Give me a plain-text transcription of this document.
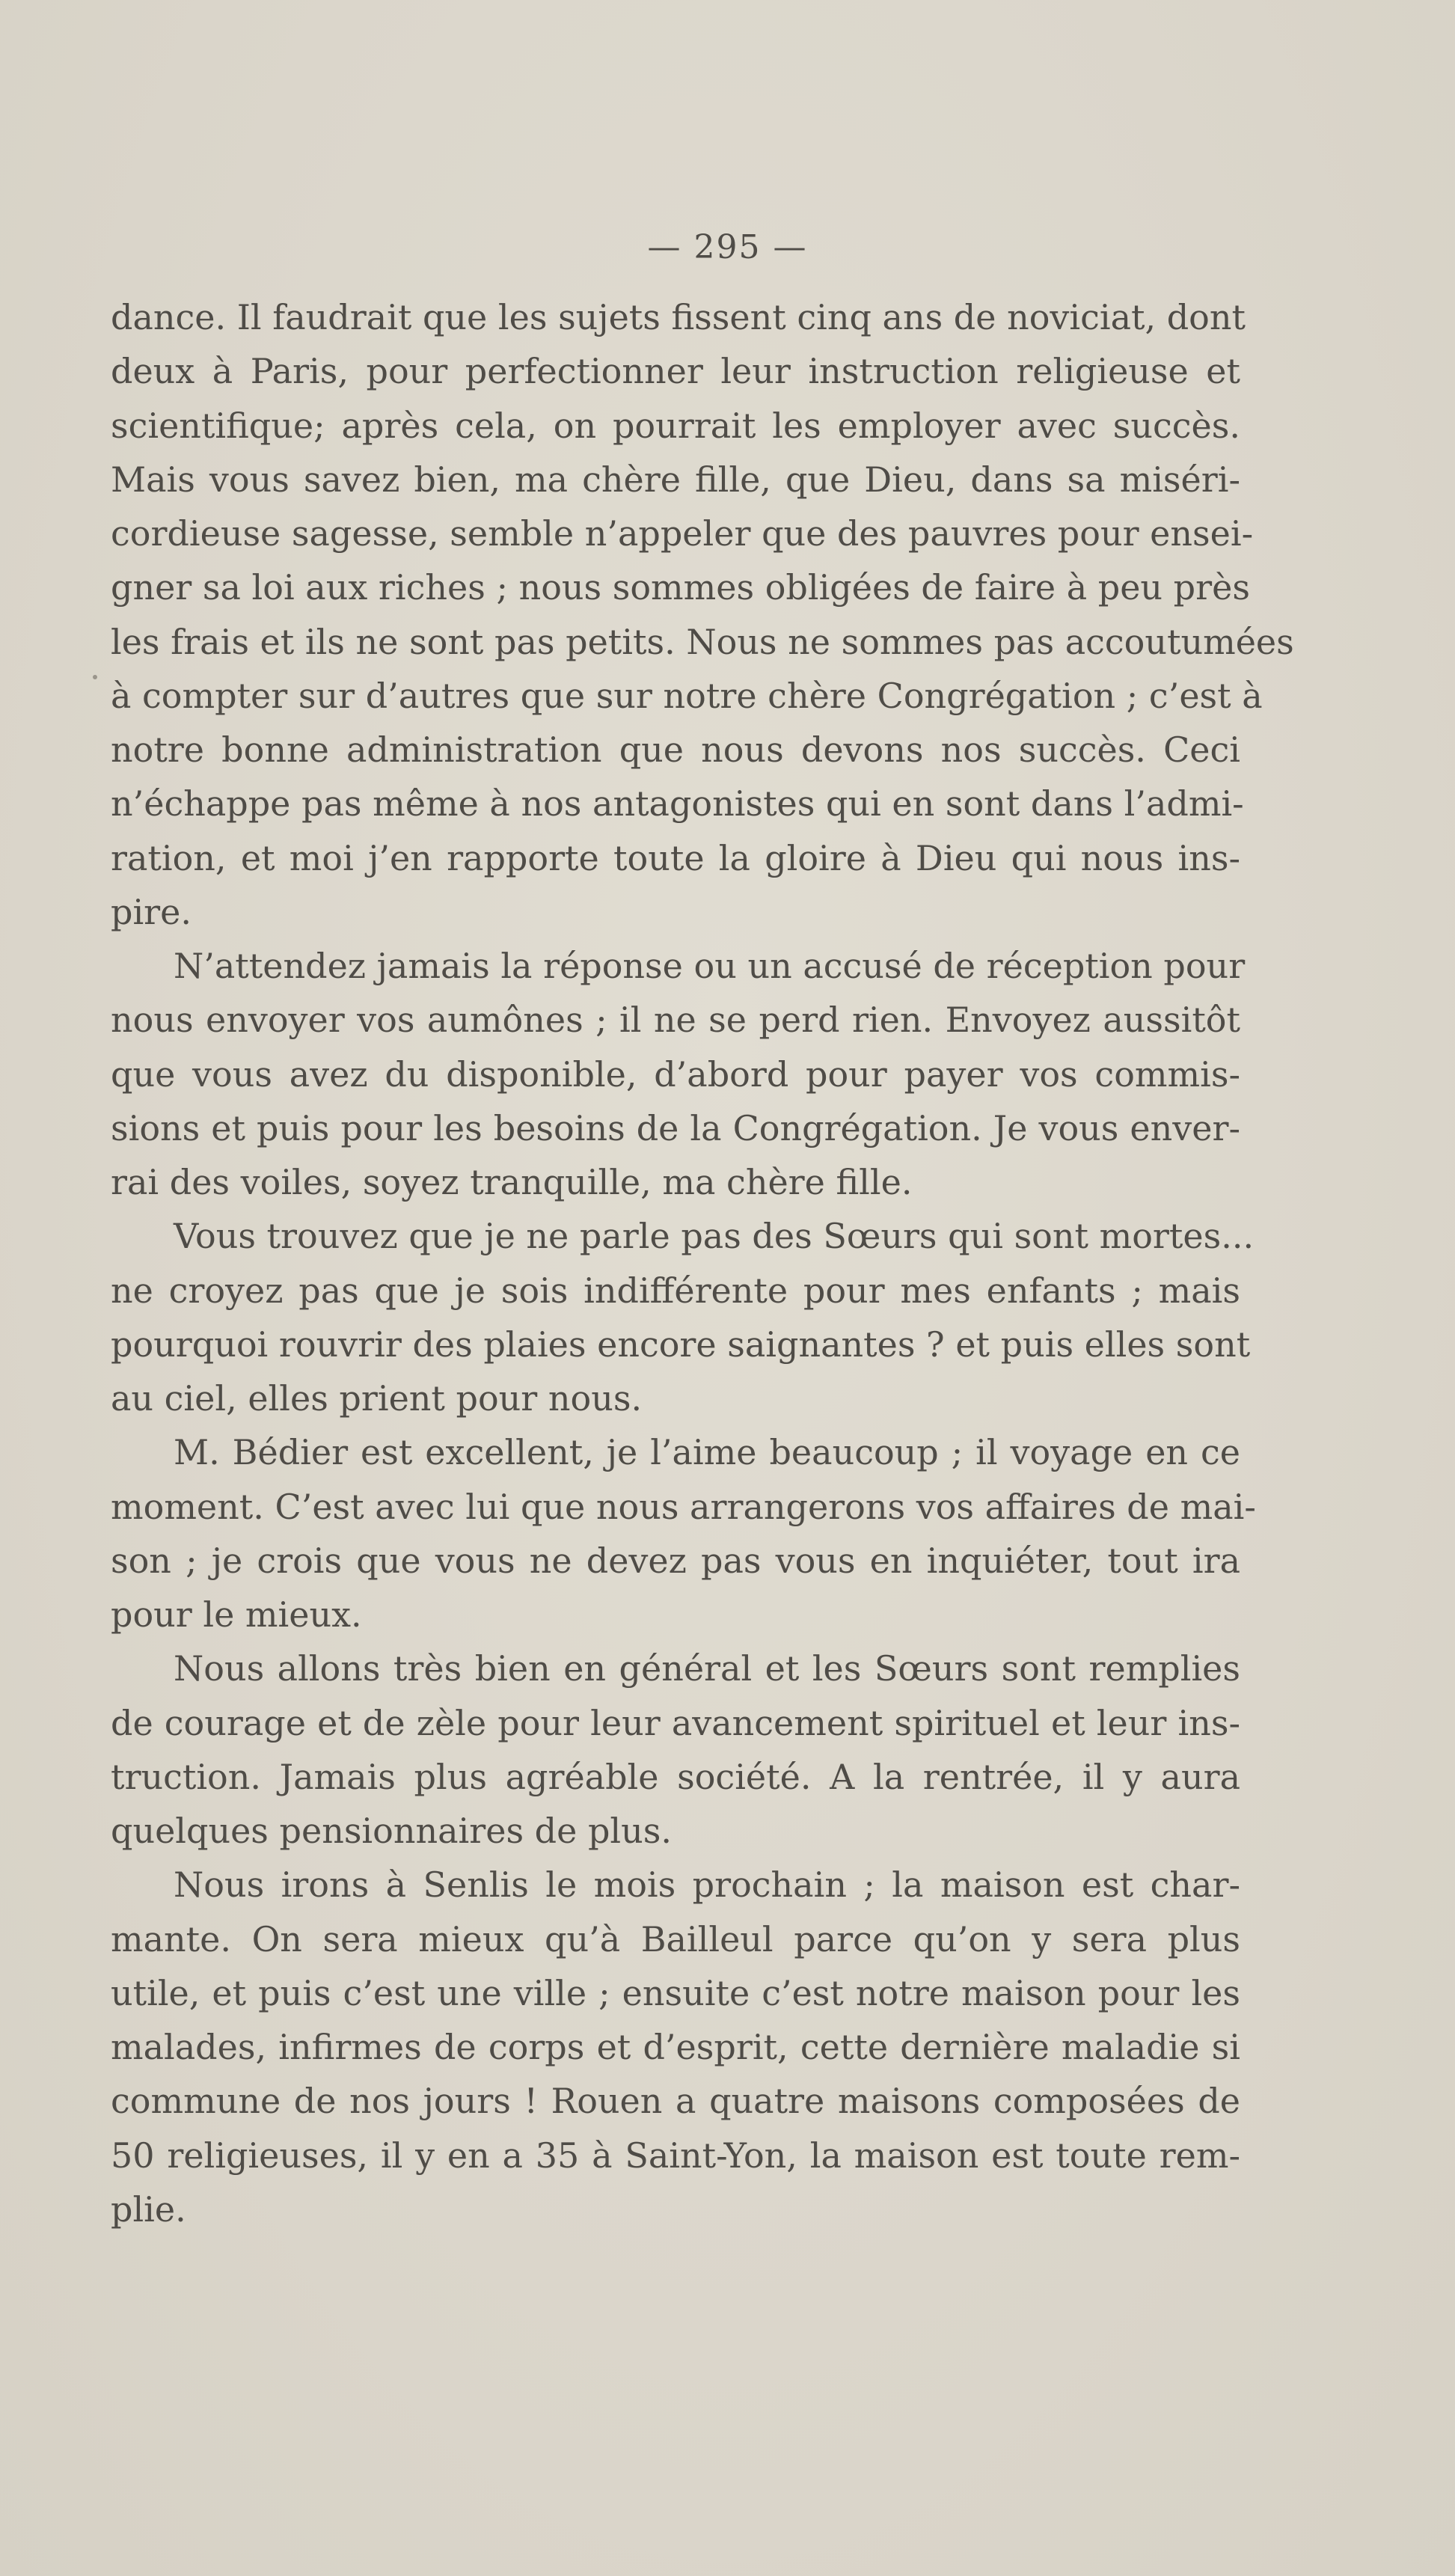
— 295 —
dance. Il faudrait que les sujets fissent cinq ans de noviciat, dont
deux à Paris, pour perfectionner leur instruction religieuse et
scientifique; après cela, on pourrait les employer avec succès.
Mais vous savez bien, ma chère fille, que Dieu, dans sa miséri-
cordieuse sagesse, semble n’appeler que des pauvres pour ensei-
gner sa loi aux riches ; nous sommes obligées de faire à peu près
les frais et ils ne sont pas petits. Nous ne sommes pas accoutumées
à compter sur d’autres que sur notre chère Congrégation ; c’est à
notre bonne administration que nous devons nos succès. Ceci
n’échappe pas même à nos antagonistes qui en sont dans l’admi-
ration, et moi j’en rapporte toute la gloire à Dieu qui nous ins-
pire.
N’attendez jamais la réponse ou un accusé de réception pour
nous envoyer vos aumônes ; il ne se perd rien. Envoyez aussitôt
que vous avez du disponible, d’abord pour payer vos commis-
sions et puis pour les besoins de la Congrégation. Je vous enver-
rai des voiles, soyez tranquille, ma chère fille.
Vous trouvez que je ne parle pas des Sœurs qui sont mortes...
ne croyez pas que je sois indifférente pour mes enfants ; mais
pourquoi rouvrir des plaies encore saignantes ? et puis elles sont
au ciel, elles prient pour nous.
M. Bédier est excellent, je l’aime beaucoup ; il voyage en ce
moment. C’est avec lui que nous arrangerons vos affaires de mai-
son ; je crois que vous ne devez pas vous en inquiéter, tout ira
pour le mieux.
Nous allons très bien en général et les Sœurs sont remplies
de courage et de zèle pour leur avancement spirituel et leur ins-
truction. Jamais plus agréable société. A la rentrée, il y aura
quelques pensionnaires de plus.
Nous irons à Senlis le mois prochain ; la maison est char-
mante. On sera mieux qu’à Bailleul parce qu’on y sera plus
utile, et puis c’est une ville ; ensuite c’est notre maison pour les
malades, infirmes de corps et d’esprit, cette dernière maladie si
commune de nos jours ! Rouen a quatre maisons composées de
50 religieuses, il y en a 35 à Saint-Yon, la maison est toute rem-
plie.
